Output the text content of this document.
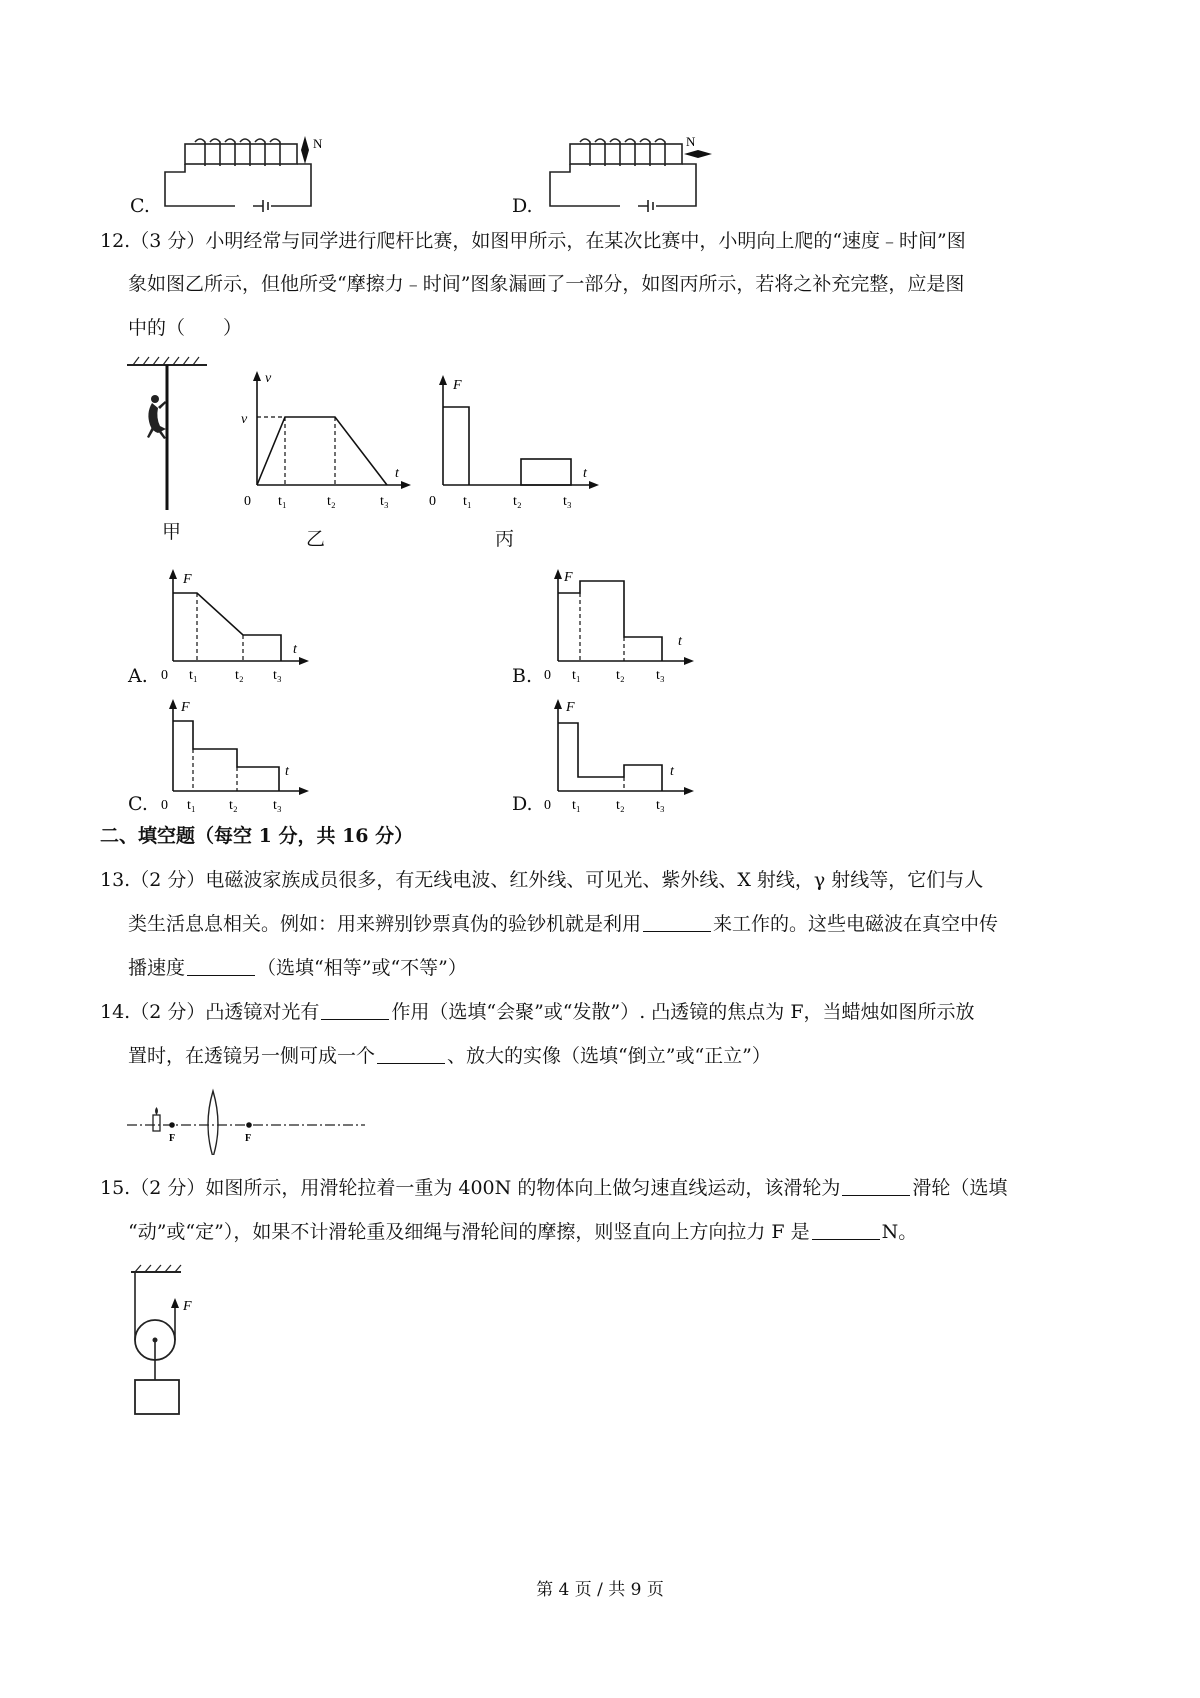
N
C.
N
D.
12.（3 分）小明经常与同学进行爬杆比赛，如图甲所示，在某次比赛中，小明向上爬的“速度﹣时间”图
象如图乙所示，但他所受“摩擦力﹣时间”图象漏画了一部分，如图丙所示，若将之补充完整，应是图
中的（　　）
甲
v
v
t
0 t₁	t₂	t₃
乙
F
t
0 t₁	t₂	t₃
丙
F
t
0 t₁	t₂ t₃
A.
F
t
0 t₁	t₂ t₃
B.
F
t
0 t₁ t₂	t₃
C.
F
t
0 t₁	t₂ t₃
D.
二、填空题（每空 1 分，共 16 分）
13.（2 分）电磁波家族成员很多，有无线电波、红外线、可见光、紫外线、X 射线，γ 射线等，它们与人
类生活息息相关。例如：用来辨别钞票真伪的验钞机就是利用	来工作的。这些电磁波在真空中传
播速度	（选填“相等”或“不等”）
14.（2 分）凸透镜对光有	作用（选填“会聚”或“发散”）. 凸透镜的焦点为 F，当蜡烛如图所示放
置时，在透镜另一侧可成一个	、放大的实像（选填“倒立”或“正立”）
F	F
15.（2 分）如图所示，用滑轮拉着一重为 400N 的物体向上做匀速直线运动，该滑轮为	滑轮（选填
“动”或“定”），如果不计滑轮重及细绳与滑轮间的摩擦，则竖直向上方向拉力 F 是	N。
F
第 4 页 / 共 9 页
